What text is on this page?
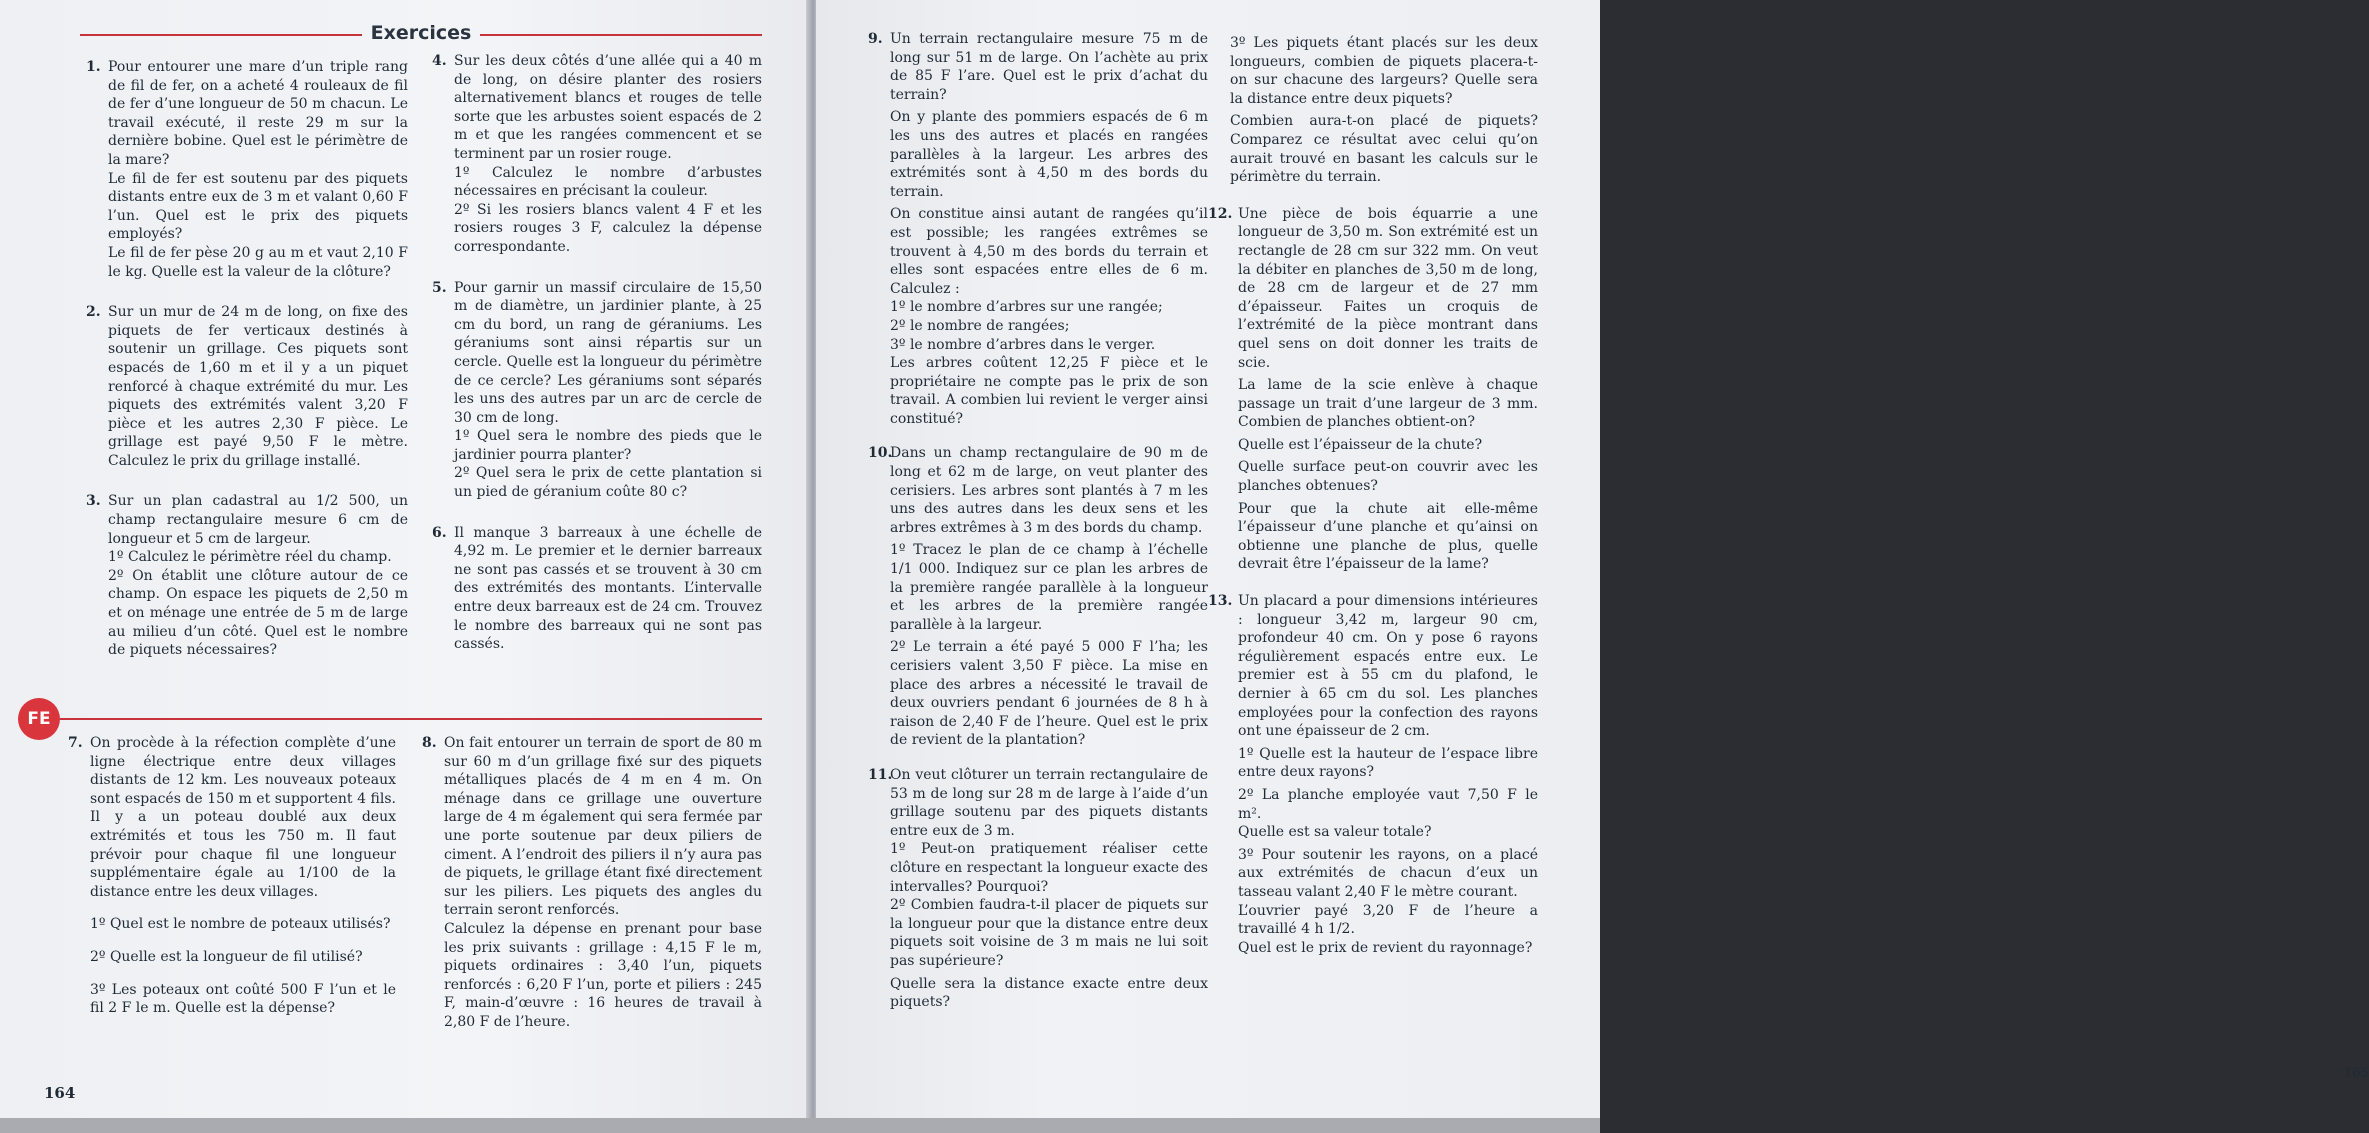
Exercices
1. Pour entourer une mare d’un triple rang de fil de fer, on a acheté 4 rouleaux de fil de fer d’une longueur de 50 m chacun. Le travail exécuté, il reste 29 m sur la dernière bobine. Quel est le périmètre de la mare?

Le fil de fer est soutenu par des piquets distants entre eux de 3 m et valant 0,60 F l’un. Quel est le prix des piquets employés?

Le fil de fer pèse 20 g au m et vaut 2,10 F le kg. Quelle est la valeur de la clôture?

2. Sur un mur de 24 m de long, on fixe des piquets de fer verticaux destinés à soutenir un grillage. Ces piquets sont espacés de 1,60 m et il y a un piquet renforcé à chaque extrémité du mur. Les piquets des extrémités valent 3,20 F pièce et les autres 2,30 F pièce. Le grillage est payé 9,50 F le mètre. Calculez le prix du grillage installé.

3. Sur un plan cadastral au 1/2 500, un champ rectangulaire mesure 6 cm de longueur et 5 cm de largeur.

1º Calculez le périmètre réel du champ.

2º On établit une clôture autour de ce champ. On espace les piquets de 2,50 m et on ménage une entrée de 5 m de large au milieu d’un côté. Quel est le nombre de piquets nécessaires?

4. Sur les deux côtés d’une allée qui a 40 m de long, on désire planter des rosiers alternativement blancs et rouges de telle sorte que les arbustes soient espacés de 2 m et que les rangées commencent et se terminent par un rosier rouge.

1º Calculez le nombre d’arbustes nécessaires en précisant la couleur.

2º Si les rosiers blancs valent 4 F et les rosiers rouges 3 F, calculez la dépense correspondante.

5. Pour garnir un massif circulaire de 15,50 m de diamètre, un jardinier plante, à 25 cm du bord, un rang de géraniums. Les géraniums sont ainsi répartis sur un cercle. Quelle est la longueur du périmètre de ce cercle? Les géraniums sont séparés les uns des autres par un arc de cercle de 30 cm de long.

1º Quel sera le nombre des pieds que le jardinier pourra planter?

2º Quel sera le prix de cette plantation si un pied de géranium coûte 80 c?

6. Il manque 3 barreaux à une échelle de 4,92 m. Le premier et le dernier barreaux ne sont pas cassés et se trouvent à 30 cm des extrémités des montants. L’intervalle entre deux barreaux est de 24 cm. Trouvez le nombre des barreaux qui ne sont pas cassés.

FE
7. On procède à la réfection complète d’une ligne électrique entre deux villages distants de 12 km. Les nouveaux poteaux sont espacés de 150 m et supportent 4 fils. Il y a un poteau doublé aux deux extrémités et tous les 750 m. Il faut prévoir pour chaque fil une longueur supplémentaire égale au 1/100 de la distance entre les deux villages.

1º Quel est le nombre de poteaux utilisés?

2º Quelle est la longueur de fil utilisé?

3º Les poteaux ont coûté 500 F l’un et le fil 2 F le m. Quelle est la dépense?

8. On fait entourer un terrain de sport de 80 m sur 60 m d’un grillage fixé sur des piquets métalliques placés de 4 m en 4 m. On ménage dans ce grillage une ouverture large de 4 m également qui sera fermée par une porte soutenue par deux piliers de ciment. A l’endroit des piliers il n’y aura pas de piquets, le grillage étant fixé directement sur les piliers. Les piquets des angles du terrain seront renforcés.

Calculez la dépense en prenant pour base les prix suivants : grillage : 4,15 F le m, piquets ordinaires : 3,40 l’un, piquets renforcés : 6,20 F l’un, porte et piliers : 245 F, main-d’œuvre : 16 heures de travail à 2,80 F de l’heure.

164
9. Un terrain rectangulaire mesure 75 m de long sur 51 m de large. On l’achète au prix de 85 F l’are. Quel est le prix d’achat du terrain?

On y plante des pommiers espacés de 6 m les uns des autres et placés en rangées parallèles à la largeur. Les arbres des extrémités sont à 4,50 m des bords du terrain.

On constitue ainsi autant de rangées qu’il est possible; les rangées extrêmes se trouvent à 4,50 m des bords du terrain et elles sont espacées entre elles de 6 m. Calculez :

1º le nombre d’arbres sur une rangée;

2º le nombre de rangées;

3º le nombre d’arbres dans le verger.

Les arbres coûtent 12,25 F pièce et le propriétaire ne compte pas le prix de son travail. A combien lui revient le verger ainsi constitué?

10.

Dans un champ rectangulaire de 90 m de long et 62 m de large, on veut planter des cerisiers. Les arbres sont plantés à 7 m les uns des autres dans les deux sens et les arbres extrêmes à 3 m des bords du champ.

1º Tracez le plan de ce champ à l’échelle 1/1 000. Indiquez sur ce plan les arbres de la première rangée parallèle à la longueur et les arbres de la première rangée parallèle à la largeur.

2º Le terrain a été payé 5 000 F l’ha; les cerisiers valent 3,50 F pièce. La mise en place des arbres a nécessité le travail de deux ouvriers pendant 6 journées de 8 h à raison de 2,40 F de l’heure. Quel est le prix de revient de la plantation?

11.

On veut clôturer un terrain rectangulaire de 53 m de long sur 28 m de large à l’aide d’un grillage soutenu par des piquets distants entre eux de 3 m.

1º Peut-on pratiquement réaliser cette clôture en respectant la longueur exacte des intervalles? Pourquoi?

2º Combien faudra-t-il placer de piquets sur la longueur pour que la distance entre deux piquets soit voisine de 3 m mais ne lui soit pas supérieure?

Quelle sera la distance exacte entre deux piquets?

3º Les piquets étant placés sur les deux longueurs, combien de piquets placera-t-on sur chacune des largeurs? Quelle sera la distance entre deux piquets?

Combien aura-t-on placé de piquets? Comparez ce résultat avec celui qu’on aurait trouvé en basant les calculs sur le périmètre du terrain.

12. Une pièce de bois équarrie a une longueur de 3,50 m. Son extrémité est un rectangle de 28 cm sur 322 mm. On veut la débiter en planches de 3,50 m de long, de 28 cm de largeur et de 27 mm d’épaisseur. Faites un croquis de l’extrémité de la pièce montrant dans quel sens on doit donner les traits de scie.

La lame de la scie enlève à chaque passage un trait d’une largeur de 3 mm. Combien de planches obtient-on?

Quelle est l’épaisseur de la chute?

Quelle surface peut-on couvrir avec les planches obtenues?

Pour que la chute ait elle-même l’épaisseur d’une planche et qu’ainsi on obtienne une planche de plus, quelle devrait être l’épaisseur de la lame?

13. Un placard a pour dimensions intérieures : longueur 3,42 m, largeur 90 cm, profondeur 40 cm. On y pose 6 rayons régulièrement espacés entre eux. Le premier est à 55 cm du plafond, le dernier à 65 cm du sol. Les planches employées pour la confection des rayons ont une épaisseur de 2 cm.

1º Quelle est la hauteur de l’espace libre entre deux rayons?

2º La planche employée vaut 7,50 F le m².

Quelle est sa valeur totale?

3º Pour soutenir les rayons, on a placé aux extrémités de chacun d’eux un tasseau valant 2,40 F le mètre courant.

L’ouvrier payé 3,20 F de l’heure a travaillé 4 h 1/2.

Quel est le prix de revient du rayonnage?

165
